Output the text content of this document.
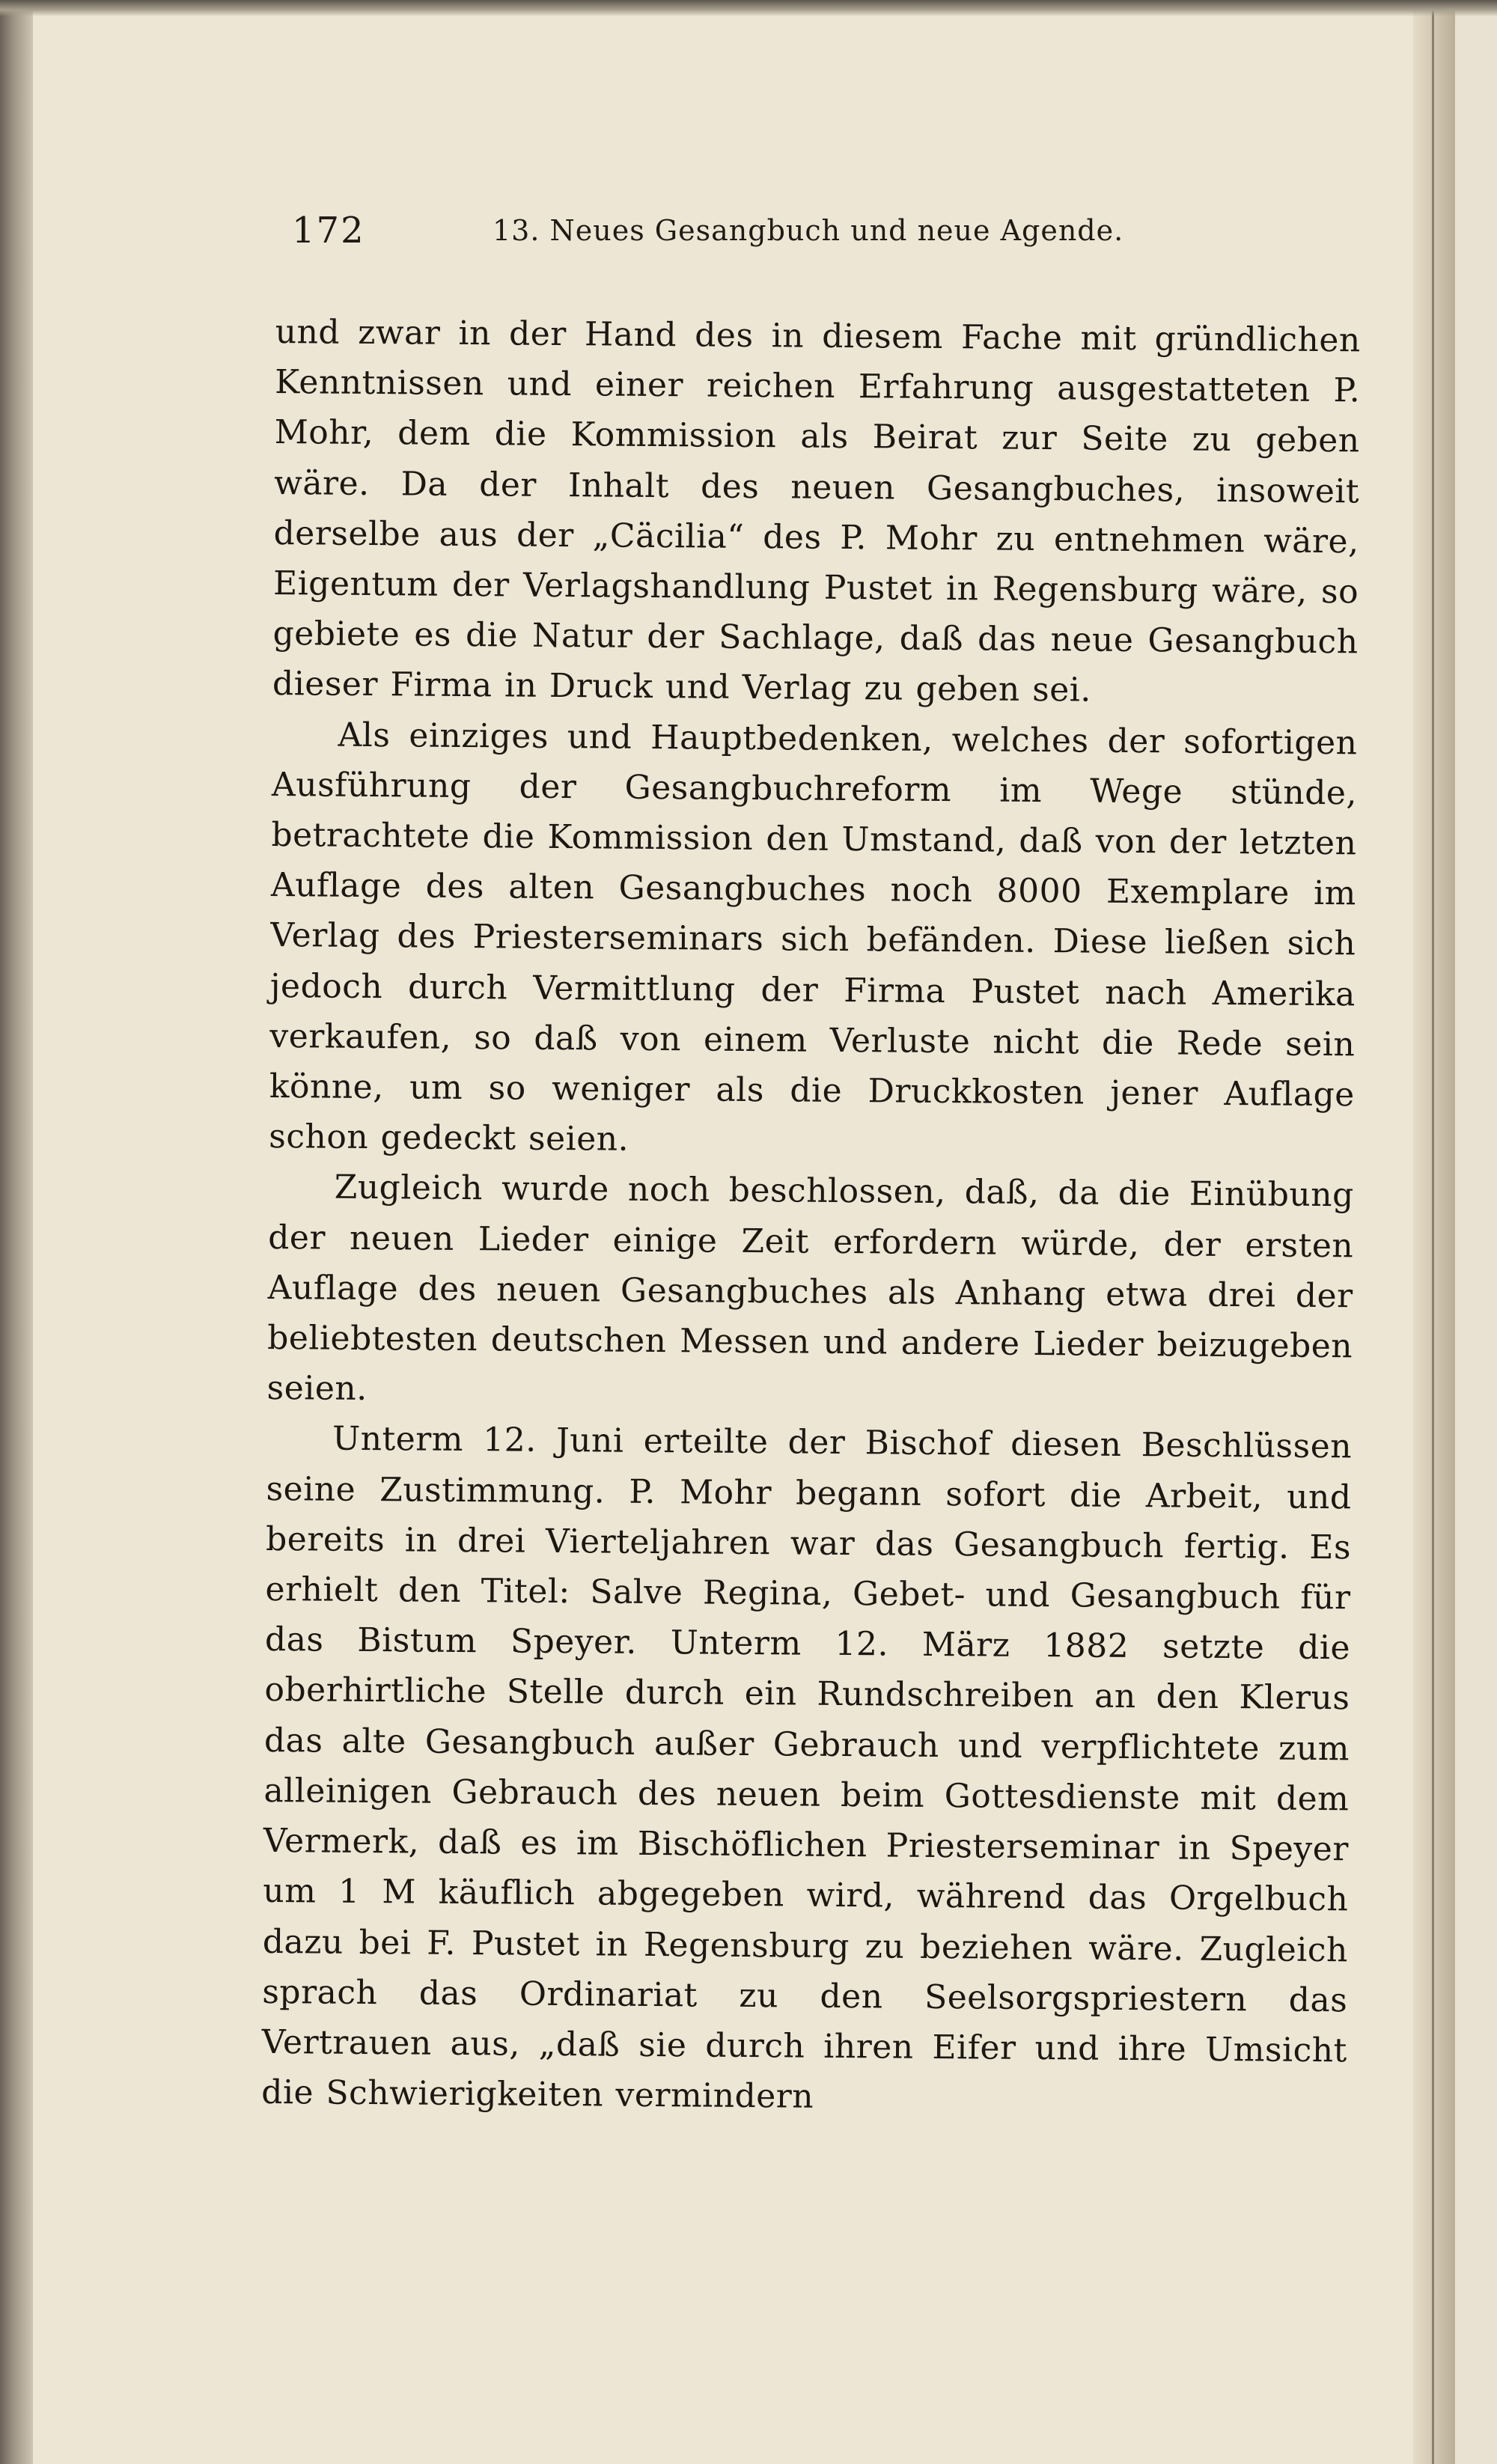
172	13. Neues Gesangbuch und neue Agende.

und zwar in der Hand des in diesem Fache mit gründlichen Kenntnissen und einer reichen Erfahrung ausgestatteten P. Mohr, dem die Kommission als Beirat zur Seite zu geben wäre. Da der Inhalt des neuen Gesangbuches, insoweit derselbe aus der „Cäcilia“ des P. Mohr zu entnehmen wäre, Eigentum der Verlagshandlung Pustet in Regensburg wäre, so gebiete es die Natur der Sachlage, daß das neue Gesangbuch dieser Firma in Druck und Verlag zu geben sei.

Als einziges und Hauptbedenken, welches der sofortigen Ausführung der Gesangbuchreform im Wege stünde, betrachtete die Kommission den Umstand, daß von der letzten Auflage des alten Gesangbuches noch 8000 Exemplare im Verlag des Priesterseminars sich befänden. Diese ließen sich jedoch durch Vermittlung der Firma Pustet nach Amerika verkaufen, so daß von einem Verluste nicht die Rede sein könne, um so weniger als die Druckkosten jener Auflage schon gedeckt seien.

Zugleich wurde noch beschlossen, daß, da die Einübung der neuen Lieder einige Zeit erfordern würde, der ersten Auflage des neuen Gesangbuches als Anhang etwa drei der beliebtesten deutschen Messen und andere Lieder beizugeben seien.

Unterm 12. Juni erteilte der Bischof diesen Beschlüssen seine Zustimmung. P. Mohr begann sofort die Arbeit, und bereits in drei Vierteljahren war das Gesangbuch fertig. Es erhielt den Titel: Salve Regina, Gebet- und Gesangbuch für das Bistum Speyer. Unterm 12. März 1882 setzte die oberhirtliche Stelle durch ein Rundschreiben an den Klerus das alte Gesangbuch außer Gebrauch und verpflichtete zum alleinigen Gebrauch des neuen beim Gottesdienste mit dem Vermerk, daß es im Bischöflichen Priesterseminar in Speyer um 1 M käuflich abgegeben wird, während das Orgelbuch dazu bei F. Pustet in Regensburg zu beziehen wäre. Zugleich sprach das Ordinariat zu den Seelsorgspriestern das Vertrauen aus, „daß sie durch ihren Eifer und ihre Umsicht die Schwierigkeiten vermindern
